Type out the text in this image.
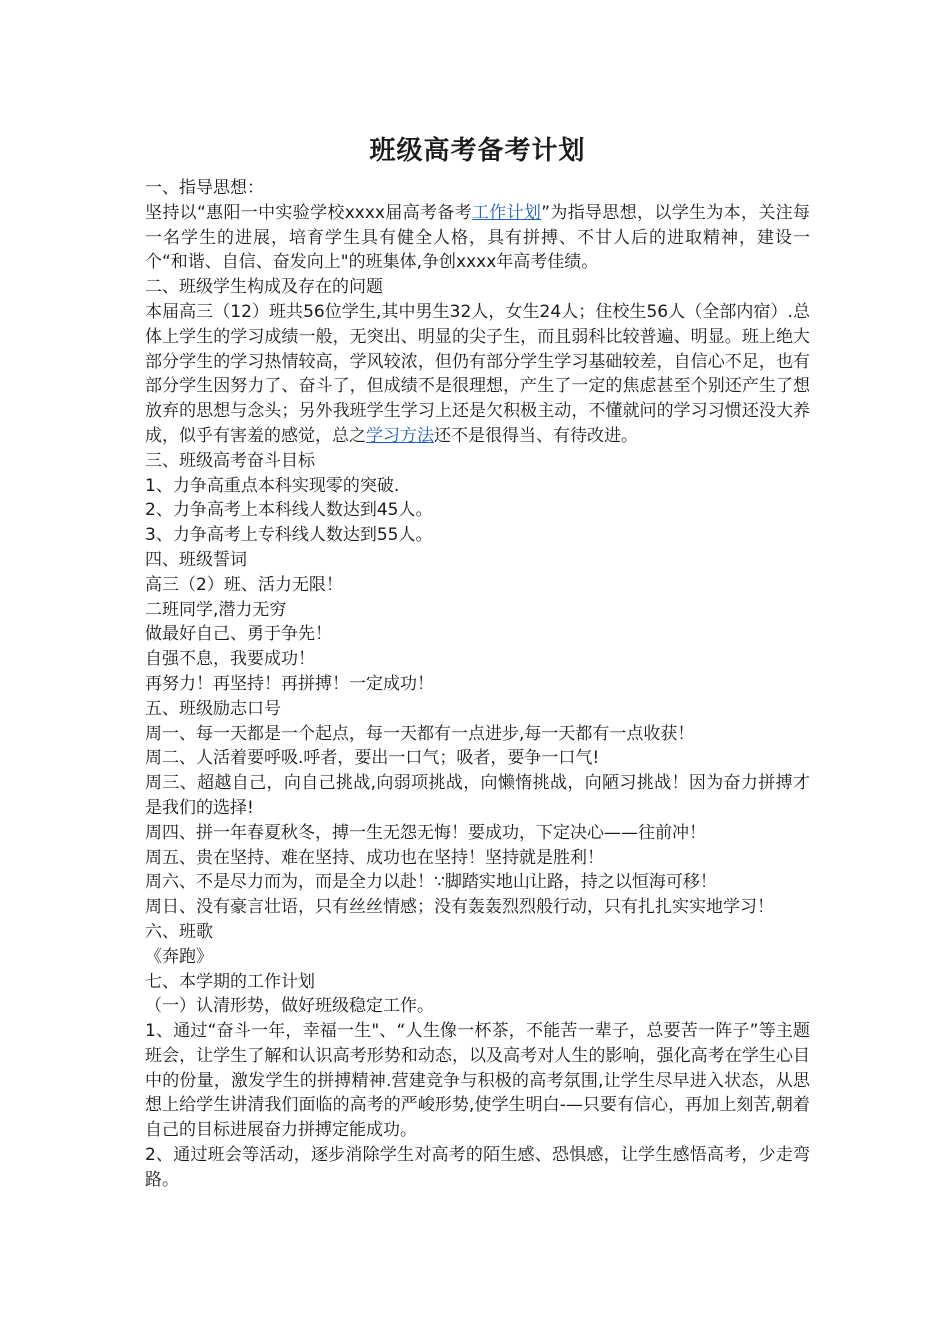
班级高考备考计划

一、指导思想：

坚持以“惠阳一中实验学校xxxx届高考备考工作计划”为指导思想，以学生为本，关注每一名学生的进展，培育学生具有健全人格，具有拼搏、不甘人后的进取精神，建设一个“和谐、自信、奋发向上"的班集体,争创xxxx年高考佳绩。

二、班级学生构成及存在的问题

本届高三（12）班共56位学生,其中男生32人，女生24人；住校生56人（全部内宿）.总体上学生的学习成绩一般，无突出、明显的尖子生，而且弱科比较普遍、明显。班上绝大部分学生的学习热情较高，学风较浓，但仍有部分学生学习基础较差，自信心不足，也有部分学生因努力了、奋斗了，但成绩不是很理想，产生了一定的焦虑甚至个别还产生了想放弃的思想与念头；另外我班学生学习上还是欠积极主动，不懂就问的学习习惯还没大养成，似乎有害羞的感觉，总之学习方法还不是很得当、有待改进。

三、班级高考奋斗目标

1、力争高重点本科实现零的突破.

2、力争高考上本科线人数达到45人。

3、力争高考上专科线人数达到55人。

四、班级誓词

高三（2）班、活力无限！

二班同学,潜力无穷

做最好自己、勇于争先！

自强不息，我要成功！

再努力！再坚持！再拼搏！一定成功！

五、班级励志口号

周一、每一天都是一个起点，每一天都有一点进步,每一天都有一点收获！

周二、人活着要呼吸.呼者，要出一口气；吸者，要争一口气!

周三、超越自己，向自己挑战,向弱项挑战，向懒惰挑战，向陋习挑战！因为奋力拼搏才是我们的选择!

周四、拼一年春夏秋冬，搏一生无怨无悔！要成功，下定决心——往前冲！

周五、贵在坚持、难在坚持、成功也在坚持！坚持就是胜利！

周六、不是尽力而为，而是全力以赴！∵脚踏实地山让路，持之以恒海可移！

周日、没有豪言壮语，只有丝丝情感；没有轰轰烈烈般行动，只有扎扎实实地学习！

六、班歌

《奔跑》

七、本学期的工作计划

（一）认清形势，做好班级稳定工作。

1、通过“奋斗一年，幸福一生"、“人生像一杯茶，不能苦一辈子，总要苦一阵子”等主题班会，让学生了解和认识高考形势和动态，以及高考对人生的影响，强化高考在学生心目中的份量，激发学生的拼搏精神.营建竞争与积极的高考氛围,让学生尽早进入状态，从思想上给学生讲清我们面临的高考的严峻形势,使学生明白-—只要有信心，再加上刻苦,朝着自己的目标进展奋力拼搏定能成功。

2、通过班会等活动，逐步消除学生对高考的陌生感、恐惧感，让学生感悟高考，少走弯路。
